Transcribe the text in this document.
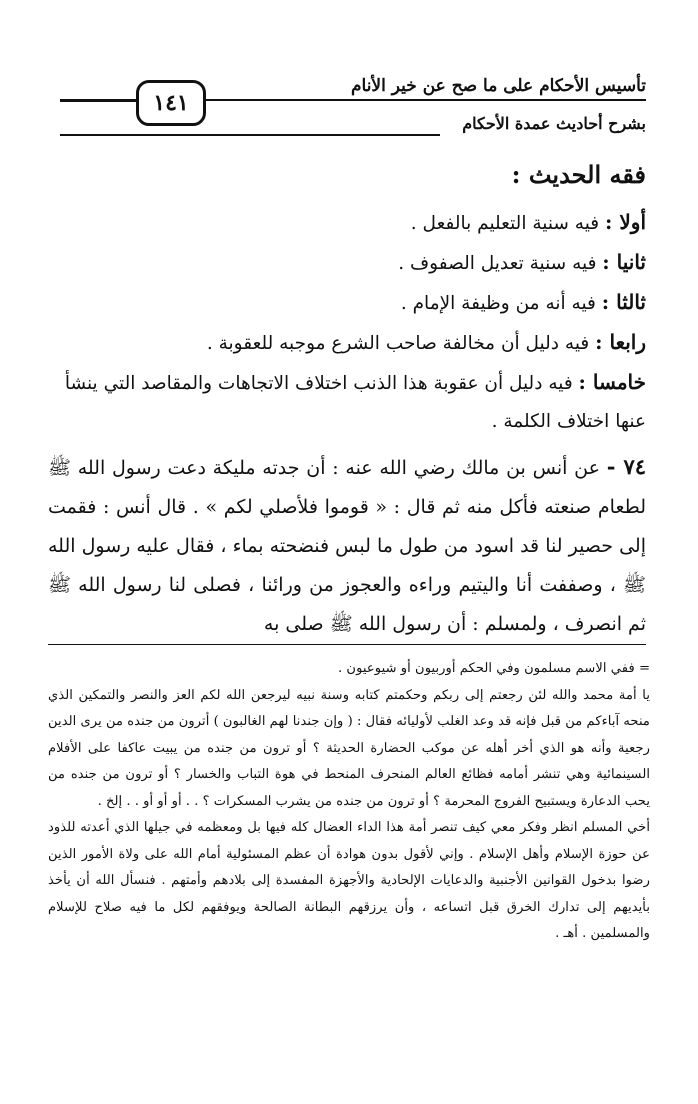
تأسيس الأحكام على ما صح عن خير الأنام
١٤١
بشرح أحاديث عمدة الأحكام
فقه الحديث :

أولا : فيه سنية التعليم بالفعل .

ثانيا : فيه سنية تعديل الصفوف .

ثالثا : فيه أنه من وظيفة الإمام .

رابعا : فيه دليل أن مخالفة صاحب الشرع موجبه للعقوبة .

خامسا : فيه دليل أن عقوبة هذا الذنب اختلاف الاتجاهات والمقاصد التي ينشأ عنها اختلاف الكلمة .

٧٤ - عن أنس بن مالك رضي الله عنه : أن جدته مليكة دعت رسول الله ﷺ لطعام صنعته فأكل منه ثم قال : « قوموا فلأصلي لكم » . قال أنس : فقمت إلى حصير لنا قد اسود من طول ما لبس فنضحته بماء ، فقال عليه رسول الله ﷺ ، وصففت أنا واليتيم وراءه والعجوز من ورائنا ، فصلى لنا رسول الله ﷺ ثم انصرف ، ولمسلم : أن رسول الله ﷺ صلى به

= ففي الاسم مسلمون وفي الحكم أوربيون أو شيوعيون .

يا أمة محمد والله لئن رجعتم إلى ربكم وحكمتم كتابه وسنة نبيه ليرجعن الله لكم العز والنصر والتمكين الذي منحه آباءكم من قبل فإنه قد وعد الغلب لأوليائه فقال : ( وإن جندنا لهم الغالبون ) أترون من جنده من يرى الدين رجعية وأنه هو الذي أخر أهله عن موكب الحضارة الحديثة ؟ أو ترون من جنده من يبيت عاكفا على الأفلام السينمائية وهي تنشر أمامه فظائع العالم المنحرف المنحط في هوة التباب والخسار ؟ أو ترون من جنده من يحب الدعارة ويستبيح الفروج المحرمة ؟ أو ترون من جنده من يشرب المسكرات ؟ . . أو أو أو . . إلخ .

أخي المسلم انظر وفكر معي كيف تنصر أمة هذا الداء العضال كله فيها بل ومعظمه في جيلها الذي أعدته للذود عن حوزة الإسلام وأهل الإسلام . وإني لأقول بدون هوادة أن عظم المسئولية أمام الله على ولاة الأمور الذين رضوا بدخول القوانين الأجنبية والدعايات الإلحادية والأجهزة المفسدة إلى بلادهم وأمتهم . فنسأل الله أن يأخذ بأيديهم إلى تدارك الخرق قبل اتساعه ، وأن يرزقهم البطانة الصالحة ويوفقهم لكل ما فيه صلاح للإسلام والمسلمين . أهـ .
